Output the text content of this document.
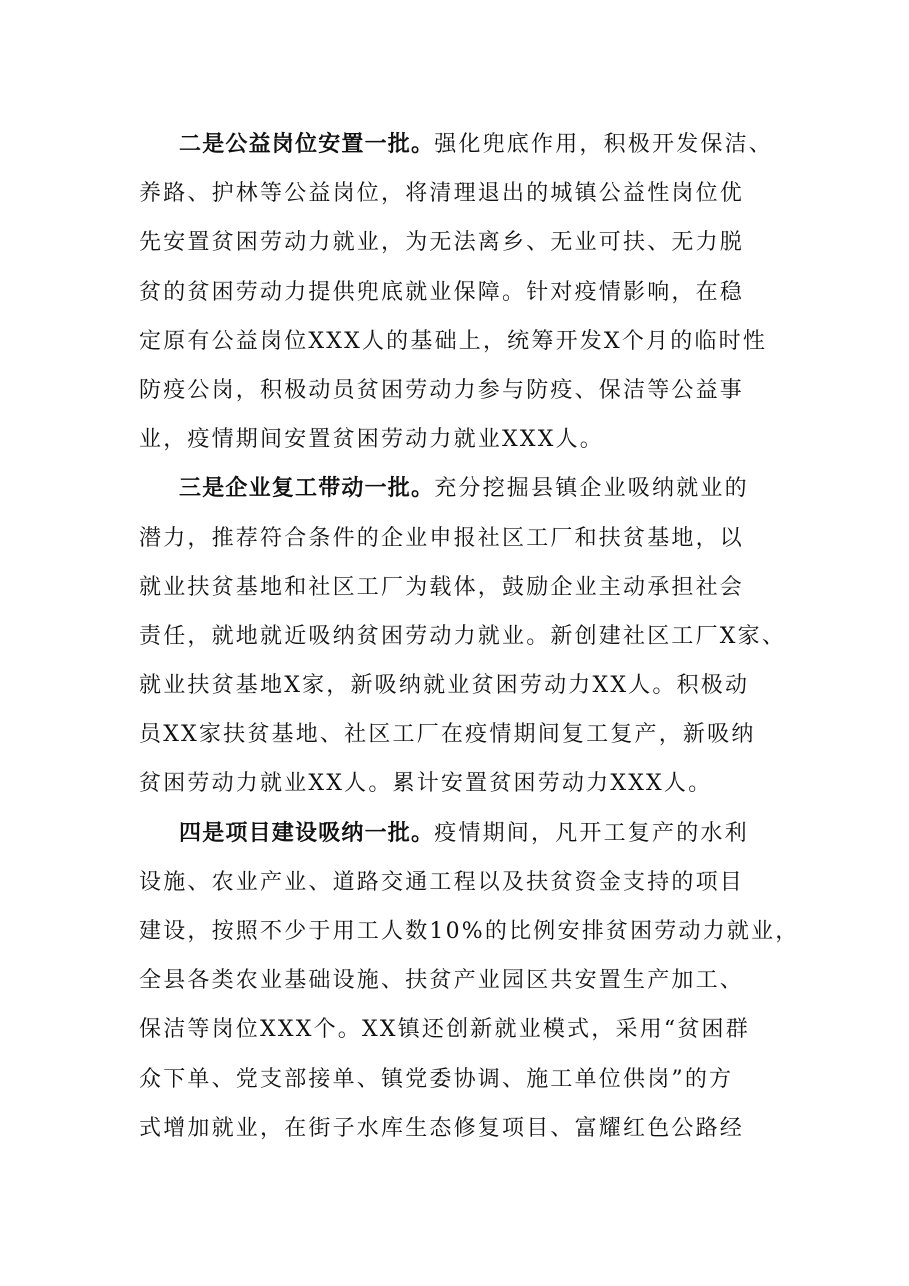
二是公益岗位安置一批。强化兜底作用，积极开发保洁、
养路、护林等公益岗位，将清理退出的城镇公益性岗位优
先安置贫困劳动力就业，为无法离乡、无业可扶、无力脱
贫的贫困劳动力提供兜底就业保障。针对疫情影响，在稳
定原有公益岗位XXX人的基础上，统筹开发X个月的临时性
防疫公岗，积极动员贫困劳动力参与防疫、保洁等公益事
业，疫情期间安置贫困劳动力就业XXX人。
三是企业复工带动一批。充分挖掘县镇企业吸纳就业的
潜力，推荐符合条件的企业申报社区工厂和扶贫基地，以
就业扶贫基地和社区工厂为载体，鼓励企业主动承担社会
责任，就地就近吸纳贫困劳动力就业。新创建社区工厂X家、
就业扶贫基地X家，新吸纳就业贫困劳动力XX人。积极动
员XX家扶贫基地、社区工厂在疫情期间复工复产，新吸纳
贫困劳动力就业XX人。累计安置贫困劳动力XXX人。
四是项目建设吸纳一批。疫情期间，凡开工复产的水利
设施、农业产业、道路交通工程以及扶贫资金支持的项目
建设，按照不少于用工人数10%的比例安排贫困劳动力就业，
全县各类农业基础设施、扶贫产业园区共安置生产加工、
保洁等岗位XXX个。XX镇还创新就业模式，采用“贫困群
众下单、党支部接单、镇党委协调、施工单位供岗”的方
式增加就业，在街子水库生态修复项目、富耀红色公路经
